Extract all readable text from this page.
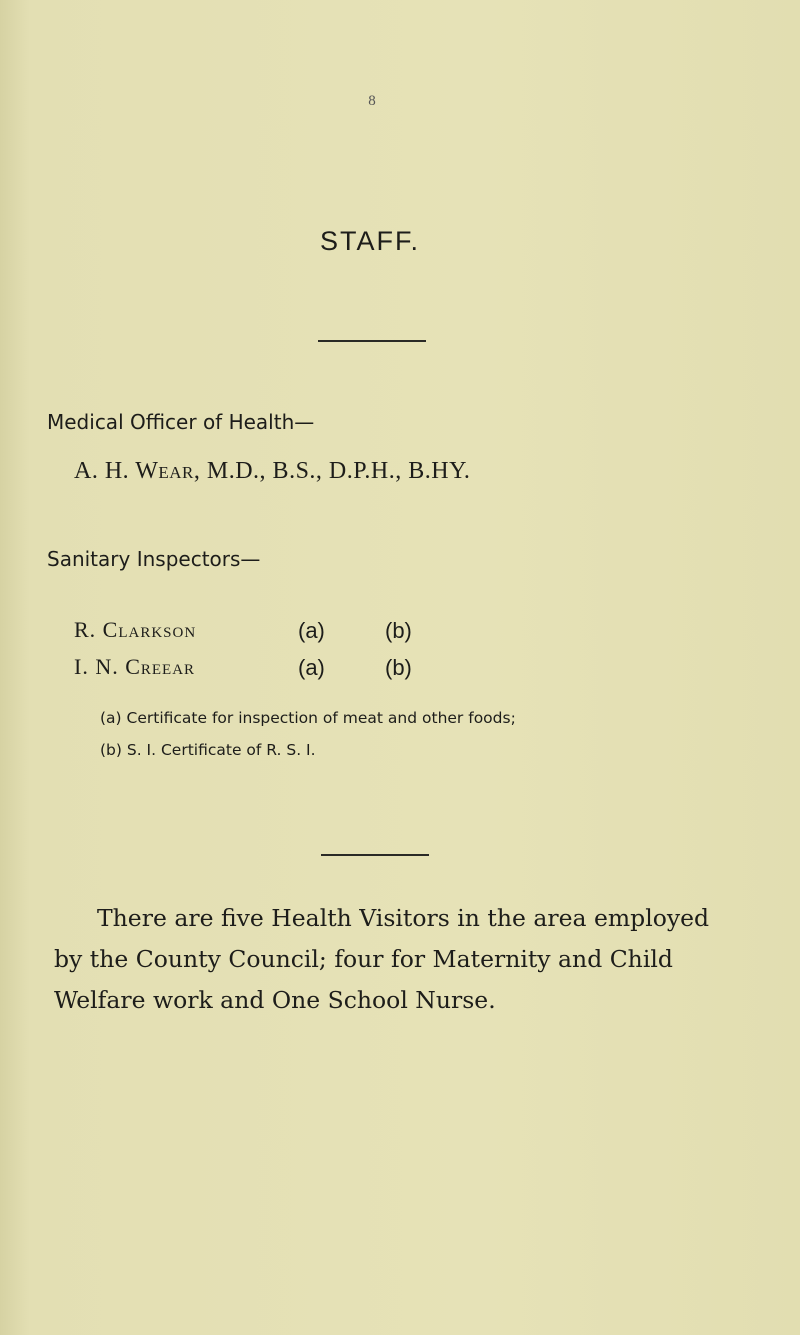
8
STAFF.
Medical Officer of Health—
A. H. Wear, M.D., B.S., D.P.H., B.HY.
Sanitary Inspectors—
R. Clarkson	(a)	(b)
I. N. Creear	(a)	(b)
(a) Certificate for inspection of meat and other foods;
(b) S. I. Certificate of R. S. I.
There are five Health Visitors in the area employed
by the County Council; four for Maternity and Child
Welfare work and One School Nurse.
